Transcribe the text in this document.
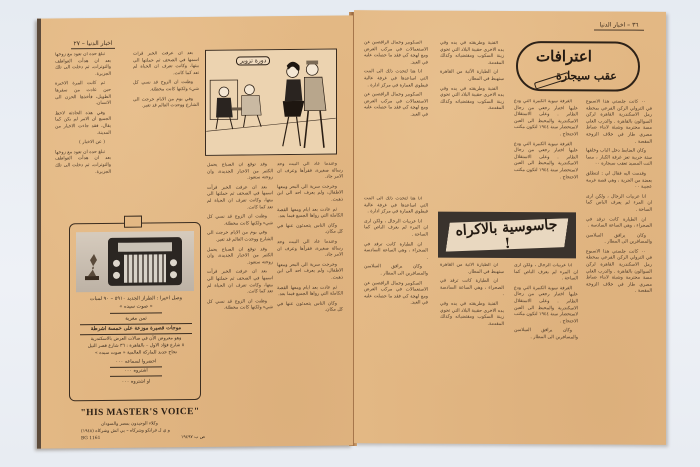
اخبار الدنيا – ٢٧

تبلغ حده ان تعود مع زوجها بعد ان هدأت العواطف والتوترات، ثم دخلت الى تلك الجزيرة.

ثم كانت المرة الاخيرة حين عادت من سفرها الطويل، فأخذها الحزن الى الانسان.

وفي هذه الحادثة لاحظ الجميع ان الامر لم يكن كما يقال، فقد جاءت الاخبار من المدينة.

( عن الاخبار )

تبلغ حده ان تعود مع زوجها بعد ان هدأت العواطف والتوترات، ثم دخلت الى تلك الجزيرة.

بعد ان عرفت الخبر قرأت اسمها في الصحف ثم حملتها الى بيتها، وكانت تعرف ان الحياة لم تعد كما كانت.

وظنت ان الزوج قد نسي كل شيء ولكنها كانت مخطئة.

وفي يوم من الايام خرجت الى الشارع ووجدت العالم قد تغير.

دورة تزوير

وعندما عاد الى البيت وجد رسالة صغيرة، فقرأها وعرف ان الامر جاد.

وخرجت سرية الى البحر ومعها الاطفال، ولم يعرف احد الى اين ذهبت.

ثم عادت بعد ايام ومعها القصة الكاملة التي رواها الجميع فيما بعد.

وكان الناس يتحدثون عنها في كل مكان.

وعندما عاد الى البيت وجد رسالة صغيرة، فقرأها وعرف ان الامر جاد.

وخرجت سرية الى البحر ومعها الاطفال، ولم يعرف احد الى اين ذهبت.

ثم عادت بعد ايام ومعها القصة الكاملة التي رواها الجميع فيما بعد.

وكان الناس يتحدثون عنها في كل مكان.

وقد توقع ان الصباح يحمل الكثير من الاخبار الجديدة، وان زوجته ستعود.

بعد ان عرفت الخبر قرأت اسمها في الصحف ثم حملتها الى بيتها، وكانت تعرف ان الحياة لم تعد كما كانت.

وظنت ان الزوج قد نسي كل شيء ولكنها كانت مخطئة.

وفي يوم من الايام خرجت الى الشارع ووجدت العالم قد تغير.

وقد توقع ان الصباح يحمل الكثير من الاخبار الجديدة، وان زوجته ستعود.

بعد ان عرفت الخبر قرأت اسمها في الصحف ثم حملتها الى بيتها، وكانت تعرف ان الحياة لم تعد كما كانت.

وظنت ان الزوج قد نسي كل شيء ولكنها كانت مخطئة.

وصل اخيرا : الطراز الجديد ٥٩١٠ – ٩٠ لمبات
« صوت سيده »
ثمن مغرية
موجات قصيرة موزعة على خمسة اشرطة
وهو معروض الآن في صالات العرض بالاسكندرية
٨ شارع فؤاد الاول – بالقاهرة : ٣٦ شارع قصر النيل
نجاح جديد للماركة العالمية « صوت سيده »
احضروا لسماعه ٠٠٠
اشتروه ٠٠٠
او اشتروه ٠٠٠
"HIS MASTER'S VOICE"
وكلاء الوحيدون بمصر والسودان
و ي ل فرانكو وشركاه – بي اتش وشركاه (١٩٤٨)
ص ب ١٩٤٩٧
BG 1161
٣٦ – اخبار الدنيا

السكوبير وجمال الراقصين عن الاستعمالات في مركب العرض ومع لهجة كي فقد ما حصلت عليه في العيد.

انا هنا لتحدث ذلك الى البنت التي اساعدها في غرفة عالية فيطوي العمارة في مركز ادارة .

السكوبير وجمال الراقصين عن الاستعمالات في مركب العرض ومع لهجة كي فقد ما حصلت عليه في العيد.

الفنية وطريقته في يده وفي يده الاخرى حقيبة البلاد التي تحوي زينة السكوب ومقتضياته وكذلك المقدمة.

ان الطيارة الآتية من القاهرة ستهبط في المطار.

الفنية وطريقته في يده وفي يده الاخرى حقيبة البلاد التي تحوي زينة السكوب ومقتضياته وكذلك المقدمة.

اعترافات
عقب سيجارة

الغرفة سوية الكبيرة التي ودع عليها اختيار رجعي من رجال الطاير . وعلى الاستقلال الاسكندرية والمحيط الى العين لاستحضار سنة ١٩٤٤ لتكون مكتب الاحتجاج .

الغرفة سوية الكبيرة التي ودع عليها اختيار رجعي من رجال الطاير . وعلى الاستقلال الاسكندرية والمحيط الى العين لاستحضار سنة ١٩٤٤ لتكون مكتب الاحتجاج .

٠٠ كانت جلستي هذا الاسبوع في الترولي الركن الفرعي بمحطة رمل الاسكندرية القاهرة لركن السوالون بالقاهرة . والدرب العلي مسة محترمة وشيئة لابناء ضباط مصري طار في خلاف الزوجة المقصة .

وكان الضابط دخل الباب وخلفها ستة حربية تعز غرفة الكبار ، بينما النت المسيد تعقب سيجارة ٠٠

وقدمت اليه فقال لي : لتنطلق بعضة من الحرية ، وهي قصة غريبة عجيبة ٠٠

انا عربيات الرجال ، ولكن ارى ان المرء لم يعرف الباص كما الساحة .

ان الطيارة كانت ترقد في الصحراء ، وهي الساعة السادسة .

وكان يرافق السلامين والمسافرين الى المطار .

٠٠ كانت جلستي هذا الاسبوع في الترولي الركن الفرعي بمحطة رمل الاسكندرية القاهرة لركن السوالون بالقاهرة . والدرب العلي مسة محترمة وشيئة لابناء ضباط مصري طار في خلاف الزوجة المقصة .

جاسوسية بالاكراه !

انا هنا لتحدث ذلك الى البنت التي اساعدها في غرفة عالية فيطوي العمارة في مركز ادارة .

انا عربيات الرجال ، ولكن ارى ان المرء لم يعرف الباص كما الساحة .

ان الطيارة كانت ترقد في الصحراء ، وهي الساعة السادسة .

وكان يرافق السلامين والمسافرين الى المطار .

السكوبير وجمال الراقصين عن الاستعمالات في مركب العرض ومع لهجة كي فقد ما حصلت عليه في العيد.

ان الطيارة الآتية من القاهرة ستهبط في المطار.

ان الطيارة كانت ترقد في الصحراء ، وهي الساعة السادسة .

الفنية وطريقته في يده وفي يده الاخرى حقيبة البلاد التي تحوي زينة السكوب ومقتضياته وكذلك المقدمة.

انا عربيات الرجال ، ولكن ارى ان المرء لم يعرف الباص كما الساحة .

الغرفة سوية الكبيرة التي ودع عليها اختيار رجعي من رجال الطاير . وعلى الاستقلال الاسكندرية والمحيط الى العين لاستحضار سنة ١٩٤٤ لتكون مكتب الاحتجاج .

وكان يرافق السلامين والمسافرين الى المطار .
